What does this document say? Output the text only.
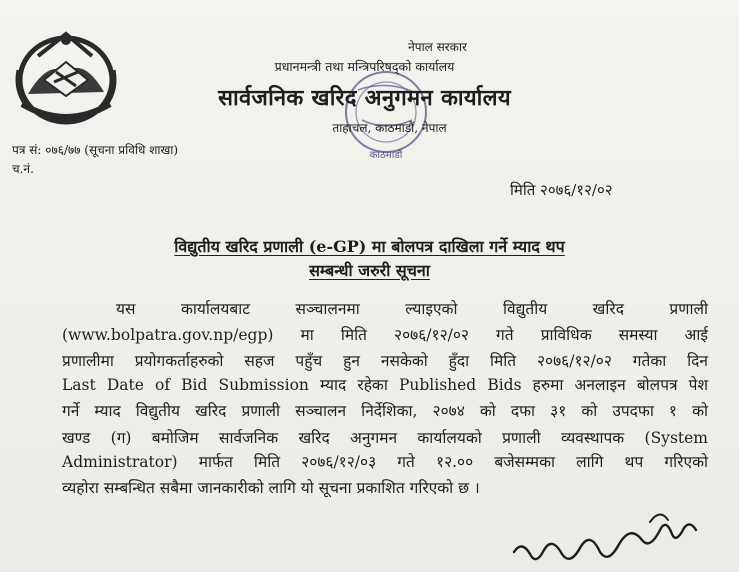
काठमाडौं
नेपाल सरकार
प्रधानमन्त्री तथा मन्त्रिपरिषद्को कार्यालय
सार्वजनिक खरिद अनुगमन कार्यालय
ताहाचल, काठमाडौं, नेपाल
पत्र सं: ०७६/७७ (सूचना प्रविधि शाखा)
च.नं.
मिति २०७६/१२/०२
विद्युतीय खरिद प्रणाली (e-GP) मा बोलपत्र दाखिला गर्ने म्याद थप
सम्बन्धी जरुरी सूचना
यस कार्यालयबाट सञ्चालनमा ल्याइएको विद्युतीय खरिद प्रणाली
(www.bolpatra.gov.np/egp) मा मिति २०७६/१२/०२ गते प्राविधिक समस्या आई
प्रणालीमा प्रयोगकर्ताहरुको सहज पहुँच हुन नसकेको हुँदा मिति २०७६/१२/०२ गतेका दिन
Last Date of Bid Submission म्याद रहेका Published Bids हरुमा अनलाइन बोलपत्र पेश
गर्ने म्याद विद्युतीय खरिद प्रणाली सञ्चालन निर्देशिका, २०७४ को दफा ३१ को उपदफा १ को
खण्ड (ग) बमोजिम सार्वजनिक खरिद अनुगमन कार्यालयको प्रणाली व्यवस्थापक (System
Administrator) मार्फत मिति २०७६/१२/०३ गते १२.०० बजेसम्मका लागि थप गरिएको
व्यहोरा सम्बन्धित सबैमा जानकारीको लागि यो सूचना प्रकाशित गरिएको छ ।
